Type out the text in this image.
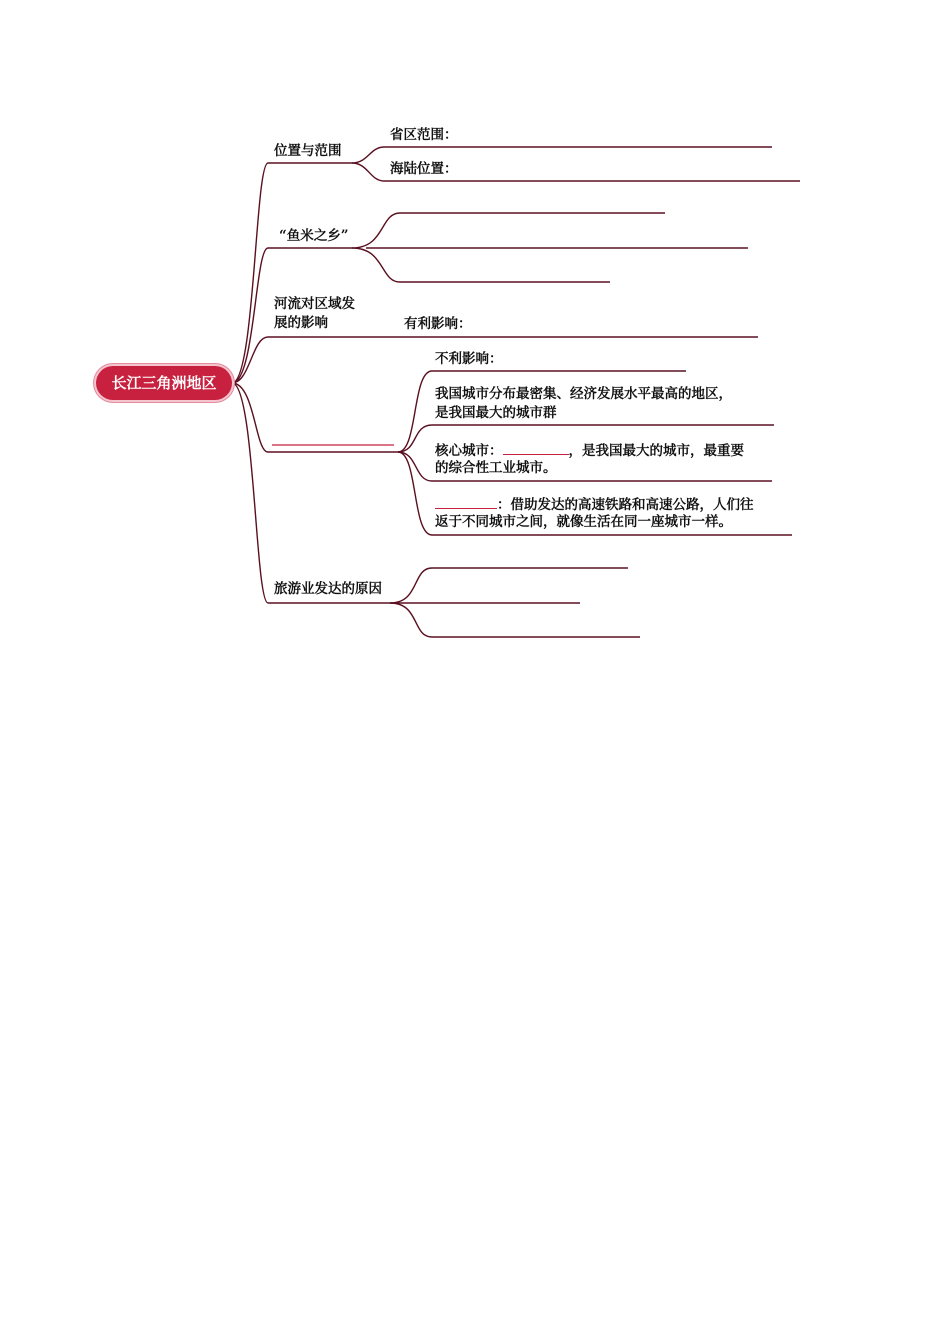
长江三角洲地区
位置与范围
“鱼米之乡”
河流对区域发
展的影响
旅游业发达的原因
省区范围：
海陆位置：
有利影响：
不利影响：
我国城市分布最密集、经济发展水平最高的地区，
是我国最大的城市群
核心城市：	，是我国最大的城市，最重要
的综合性工业城市。
：借助发达的高速铁路和高速公路，人们往
返于不同城市之间，就像生活在同一座城市一样。
